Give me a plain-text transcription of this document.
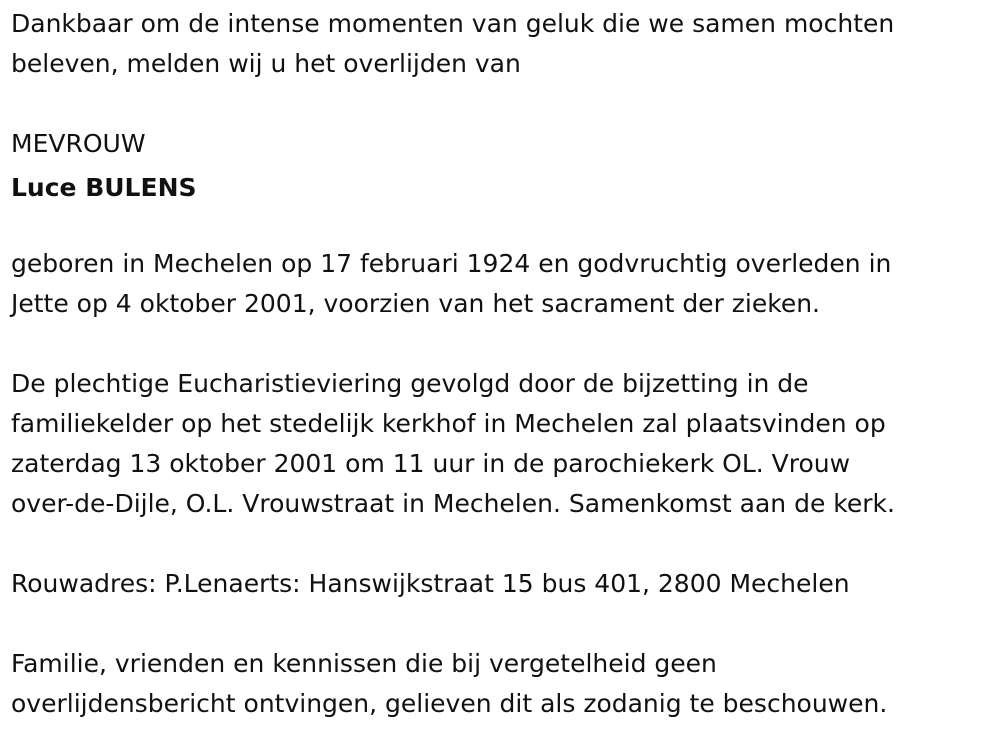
Dankbaar om de intense momenten van geluk die we samen mochten
beleven, melden wij u het overlijden van
MEVROUW
Luce BULENS
geboren in Mechelen op 17 februari 1924 en godvruchtig overleden in
Jette op 4 oktober 2001, voorzien van het sacrament der zieken.
De plechtige Eucharistieviering gevolgd door de bijzetting in de
familiekelder op het stedelijk kerkhof in Mechelen zal plaatsvinden op
zaterdag 13 oktober 2001 om 11 uur in de parochiekerk OL. Vrouw
over-de-Dijle, O.L. Vrouwstraat in Mechelen. Samenkomst aan de kerk.
Rouwadres: P.Lenaerts: Hanswijkstraat 15 bus 401, 2800 Mechelen
Familie, vrienden en kennissen die bij vergetelheid geen
overlijdensbericht ontvingen, gelieven dit als zodanig te beschouwen.
